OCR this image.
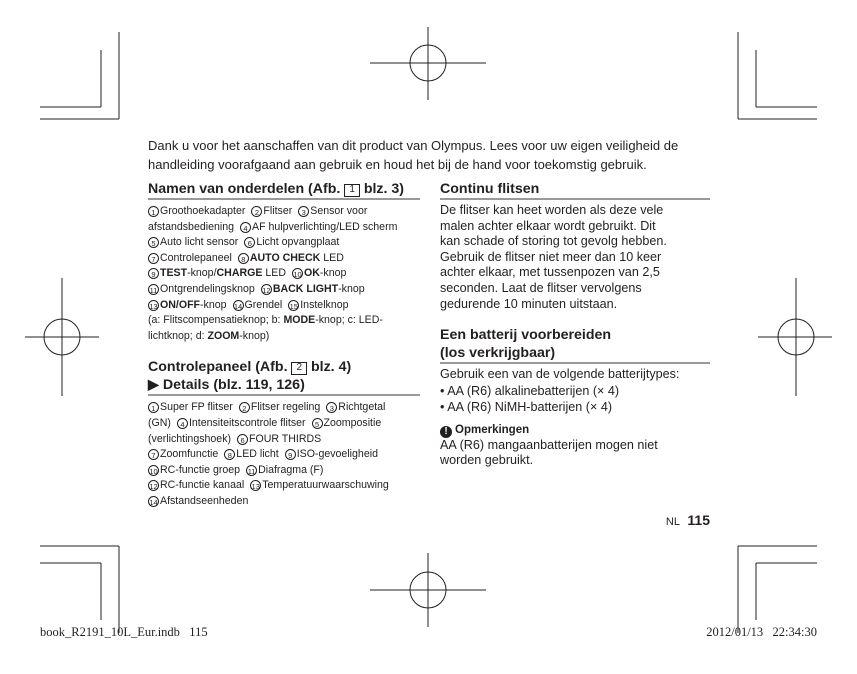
Dank u voor het aanschaffen van dit product van Olympus. Lees voor uw eigen veiligheid de handleiding voorafgaand aan gebruik en houd het bij de hand voor toekomstig gebruik.
Namen van onderdelen (Afb. 1 blz. 3)
1 Groothoekadapter 2 Flitser 3 Sensor voor
afstandsbediening 4 AF hulpverlichting/LED scherm
5 Auto licht sensor 6 Licht opvangplaat
7 Controlepaneel 8 AUTO CHECK LED
9 TEST-knop/CHARGE LED 10 OK-knop
11 Ontgrendelingsknop 12 BACK LIGHT-knop
13 ON/OFF-knop 14 Grendel 15 Instelknop
(a: Flitscompensatieknop; b: MODE-knop; c: LED-
lichtknop; d: ZOOM-knop)
Controlepaneel (Afb. 2 blz. 4)
▶ Details (blz. 119, 126)
1 Super FP flitser 2 Flitser regeling 3 Richtgetal
(GN) 4 Intensiteitscontrole flitser 5 Zoompositie
(verlichtingshoek) 6 FOUR THIRDS
7 Zoomfunctie 8 LED licht 9 ISO-gevoeligheid
10 RC-functie groep 11 Diafragma (F)
12 RC-functie kanaal 13 Temperatuurwaarschuwing
14 Afstandseenheden
Continu flitsen
De flitser kan heet worden als deze vele
malen achter elkaar wordt gebruikt. Dit
kan schade of storing tot gevolg hebben.
Gebruik de flitser niet meer dan 10 keer
achter elkaar, met tussenpozen van 2,5
seconden. Laat de flitser vervolgens
gedurende 10 minuten uitstaan.
Een batterij voorbereiden
(los verkrijgbaar)
Gebruik een van de volgende batterijtypes:
• AA (R6) alkalinebatterijen (× 4)
• AA (R6) NiMH-batterijen (× 4)
! Opmerkingen
AA (R6) mangaanbatterijen mogen niet
worden gebruikt.
NL 115
book_R2191_10L_Eur.indb   115	2012/01/13   22:34:30
